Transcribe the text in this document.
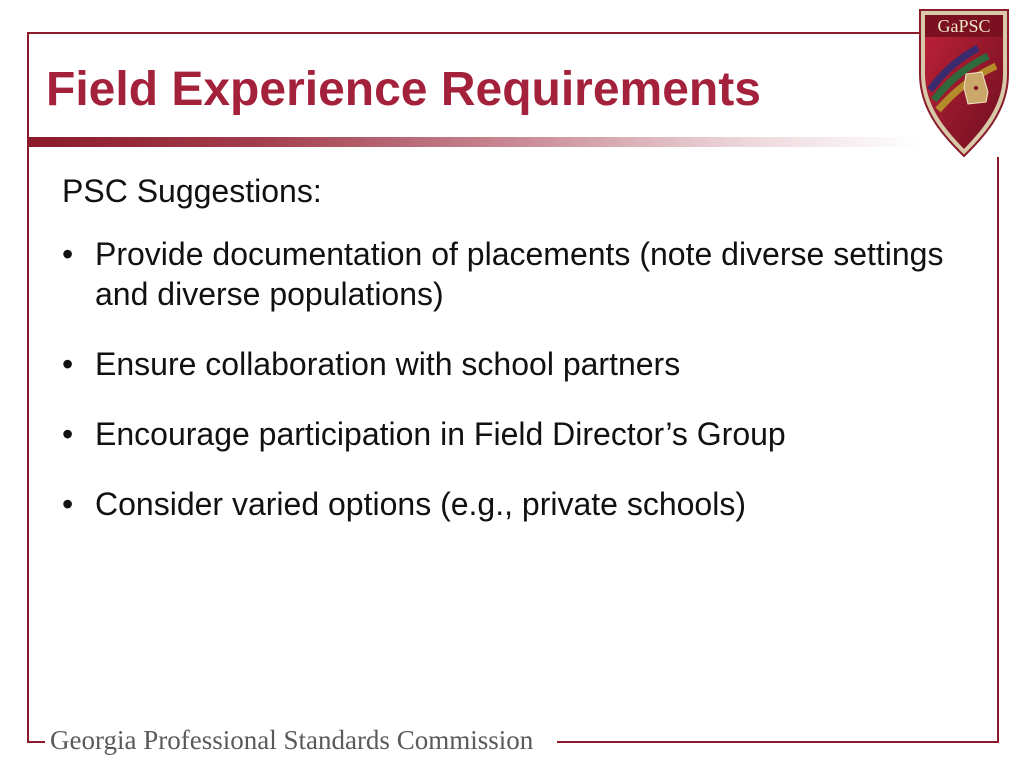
Field Experience Requirements

PSC Suggestions:

• Provide documentation of placements (note diverse settings and diverse populations)
• Ensure collaboration with school partners
• Encourage participation in Field Director’s Group
• Consider varied options (e.g., private schools)

Georgia Professional Standards Commission

GaPSC
